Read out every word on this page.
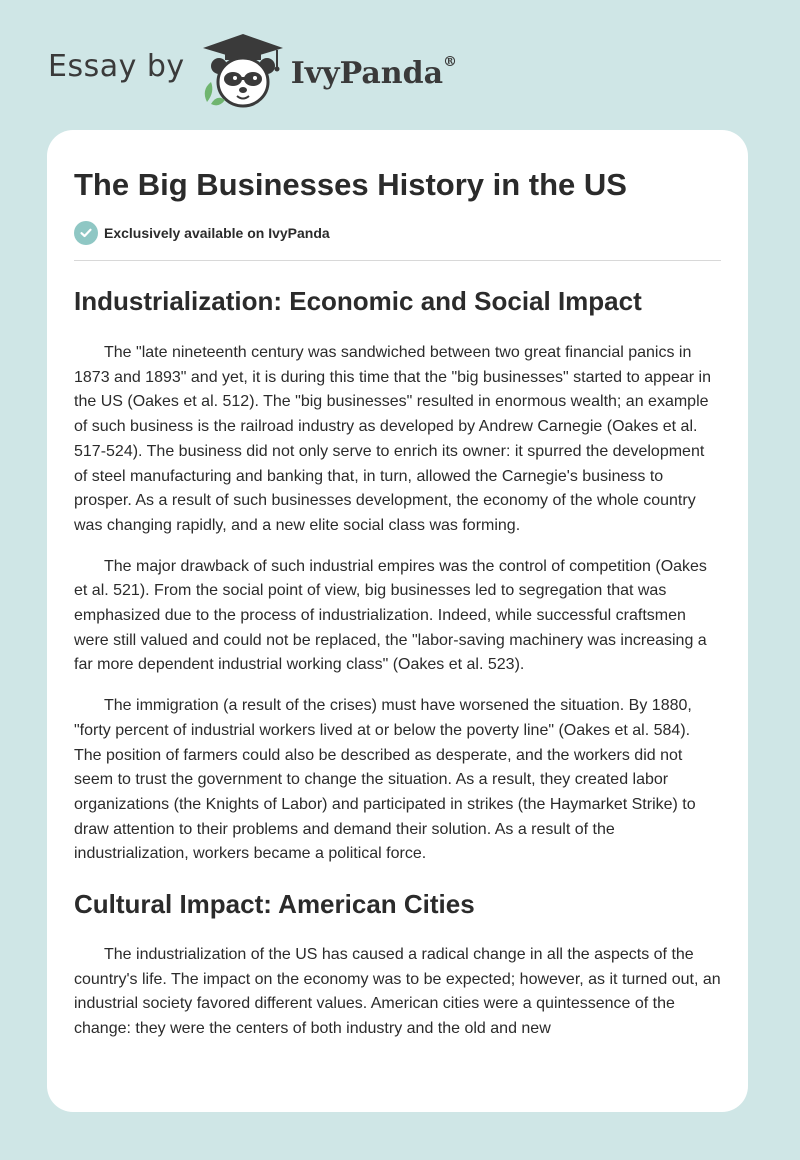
Essay by	IvyPanda®
The Big Businesses History in the US
Exclusively available on IvyPanda
Industrialization: Economic and Social Impact

The "late nineteenth century was sandwiched between two great financial panics in 1873 and 1893" and yet, it is during this time that the "big businesses" started to appear in the US (Oakes et al. 512). The "big businesses" resulted in enormous wealth; an example of such business is the railroad industry as developed by Andrew Carnegie (Oakes et al. 517-524). The business did not only serve to enrich its owner: it spurred the development of steel manufacturing and banking that, in turn, allowed the Carnegie's business to prosper. As a result of such businesses development, the economy of the whole country was changing rapidly, and a new elite social class was forming.

The major drawback of such industrial empires was the control of competition (Oakes et al. 521). From the social point of view, big businesses led to segregation that was emphasized due to the process of industrialization. Indeed, while successful craftsmen were still valued and could not be replaced, the "labor-saving machinery was increasing a far more dependent industrial working class" (Oakes et al. 523).

The immigration (a result of the crises) must have worsened the situation. By 1880, "forty percent of industrial workers lived at or below the poverty line" (Oakes et al. 584). The position of farmers could also be described as desperate, and the workers did not seem to trust the government to change the situation. As a result, they created labor organizations (the Knights of Labor) and participated in strikes (the Haymarket Strike) to draw attention to their problems and demand their solution. As a result of the industrialization, workers became a political force.

Cultural Impact: American Cities

The industrialization of the US has caused a radical change in all the aspects of the country's life. The impact on the economy was to be expected; however, as it turned out, an industrial society favored different values. American cities were a quintessence of the change: they were the centers of both industry and the old and new
